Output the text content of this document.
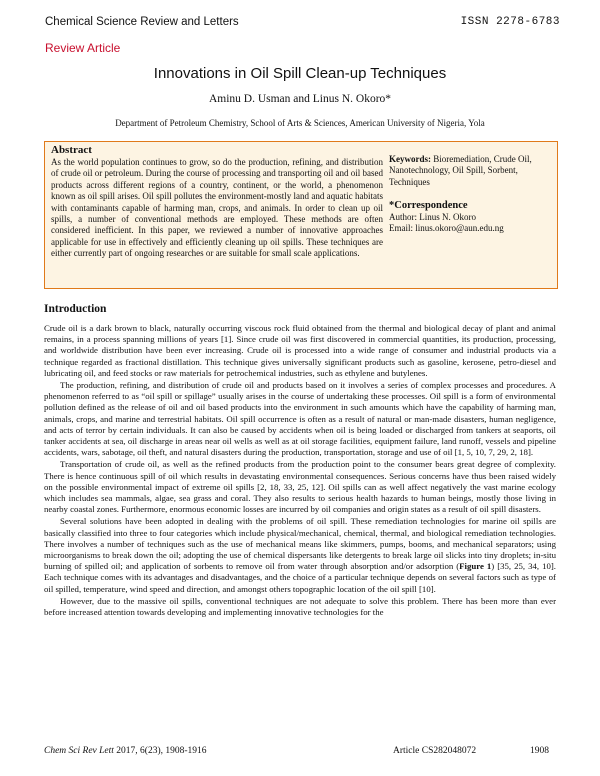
Chemical Science Review and Letters	ISSN 2278-6783
Review Article
Innovations in Oil Spill Clean-up Techniques
Aminu D. Usman and Linus N. Okoro*
Department of Petroleum Chemistry, School of Arts & Sciences, American University of Nigeria, Yola
Abstract

As the world population continues to grow, so do the production, refining, and distribution of crude oil or petroleum. During the course of processing and transporting oil and oil based products across different regions of a country, continent, or the world, a phenomenon known as oil spill arises. Oil spill pollutes the environment-mostly land and aquatic habitats with contaminants capable of harming man, crops, and animals. In order to clean up oil spills, a number of conventional methods are employed. These methods are often considered inefficient. In this paper, we reviewed a number of innovative approaches applicable for use in effectively and efficiently cleaning up oil spills. These techniques are either currently part of ongoing researches or are suitable for small scale applications.

Keywords: Bioremediation, Crude Oil, Nanotechnology, Oil Spill, Sorbent, Techniques
*Correspondence
Author: Linus N. Okoro
Email: linus.okoro@aun.edu.ng
Introduction

Crude oil is a dark brown to black, naturally occurring viscous rock fluid obtained from the thermal and biological decay of plant and animal remains, in a process spanning millions of years [1]. Since crude oil was first discovered in commercial quantities, its production, processing, and worldwide distribution have been ever increasing. Crude oil is processed into a wide range of consumer and industrial products via a technique regarded as fractional distillation. This technique gives universally significant products such as gasoline, kerosene, petro-diesel and lubricating oil, and feed stocks or raw materials for petrochemical industries, such as ethylene and butylenes.

The production, refining, and distribution of crude oil and products based on it involves a series of complex processes and procedures. A phenomenon referred to as “oil spill or spillage” usually arises in the course of undertaking these processes. Oil spill is a form of environmental pollution defined as the release of oil and oil based products into the environment in such amounts which have the capability of harming man, animals, crops, and marine and terrestrial habitats. Oil spill occurrence is often as a result of natural or man-made disasters, human negligence, and acts of terror by certain individuals. It can also be caused by accidents when oil is being loaded or discharged from tankers at seaports, oil tanker accidents at sea, oil discharge in areas near oil wells as well as at oil storage facilities, equipment failure, land runoff, vessels and pipeline accidents, wars, sabotage, oil theft, and natural disasters during the production, transportation, storage and use of oil [1, 5, 10, 7, 29, 2, 18].

Transportation of crude oil, as well as the refined products from the production point to the consumer bears great degree of complexity. There is hence continuous spill of oil which results in devastating environmental consequences. Serious concerns have thus been raised widely on the possible environmental impact of extreme oil spills [2, 18, 33, 25, 12]. Oil spills can as well affect negatively the vast marine ecology which includes sea mammals, algae, sea grass and coral. They also results to serious health hazards to human beings, mostly those living in nearby coastal zones. Furthermore, enormous economic losses are incurred by oil companies and origin states as a result of oil spill disasters.

Several solutions have been adopted in dealing with the problems of oil spill. These remediation technologies for marine oil spills are basically classified into three to four categories which include physical/mechanical, chemical, thermal, and biological remediation technologies. There involves a number of techniques such as the use of mechanical means like skimmers, pumps, booms, and mechanical separators; using microorganisms to break down the oil; adopting the use of chemical dispersants like detergents to break large oil slicks into tiny droplets; in-situ burning of spilled oil; and application of sorbents to remove oil from water through absorption and/or adsorption (Figure 1) [35, 25, 34, 10]. Each technique comes with its advantages and disadvantages, and the choice of a particular technique depends on several factors such as type of oil spilled, temperature, wind speed and direction, and amongst others topographic location of the oil spill [10].

However, due to the massive oil spills, conventional techniques are not adequate to solve this problem. There has been more than ever before increased attention towards developing and implementing innovative technologies for the

Chem Sci Rev Lett 2017, 6(23), 1908-1916	Article CS282048072	1908
